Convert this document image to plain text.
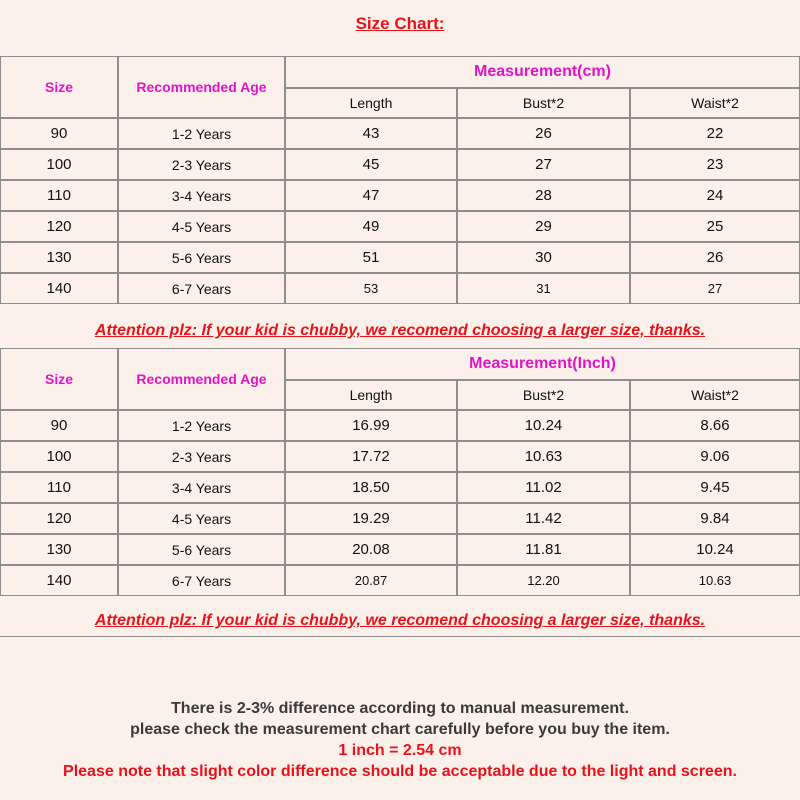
Size Chart:
Size	Recommended Age	Measurement(cm)		
		Length	Bust*2	Waist*2
90	1-2 Years	43	26	22
100	2-3 Years	45	27	23
110	3-4 Years	47	28	24
120	4-5 Years	49	29	25
130	5-6 Years	51	30	26
140	6-7 Years	53	31	27
Attention plz: If your kid is chubby, we recomend choosing a larger size, thanks.
Size	Recommended Age	Measurement(Inch)		
		Length	Bust*2	Waist*2
90	1-2 Years	16.99	10.24	8.66
100	2-3 Years	17.72	10.63	9.06
110	3-4 Years	18.50	11.02	9.45
120	4-5 Years	19.29	11.42	9.84
130	5-6 Years	20.08	11.81	10.24
140	6-7 Years	20.87	12.20	10.63
Attention plz: If your kid is chubby, we recomend choosing a larger size, thanks.
There is 2-3% difference according to manual measurement.
please check the measurement chart carefully before you buy the item.
1 inch = 2.54 cm
Please note that slight color difference should be acceptable due to the light and screen.
